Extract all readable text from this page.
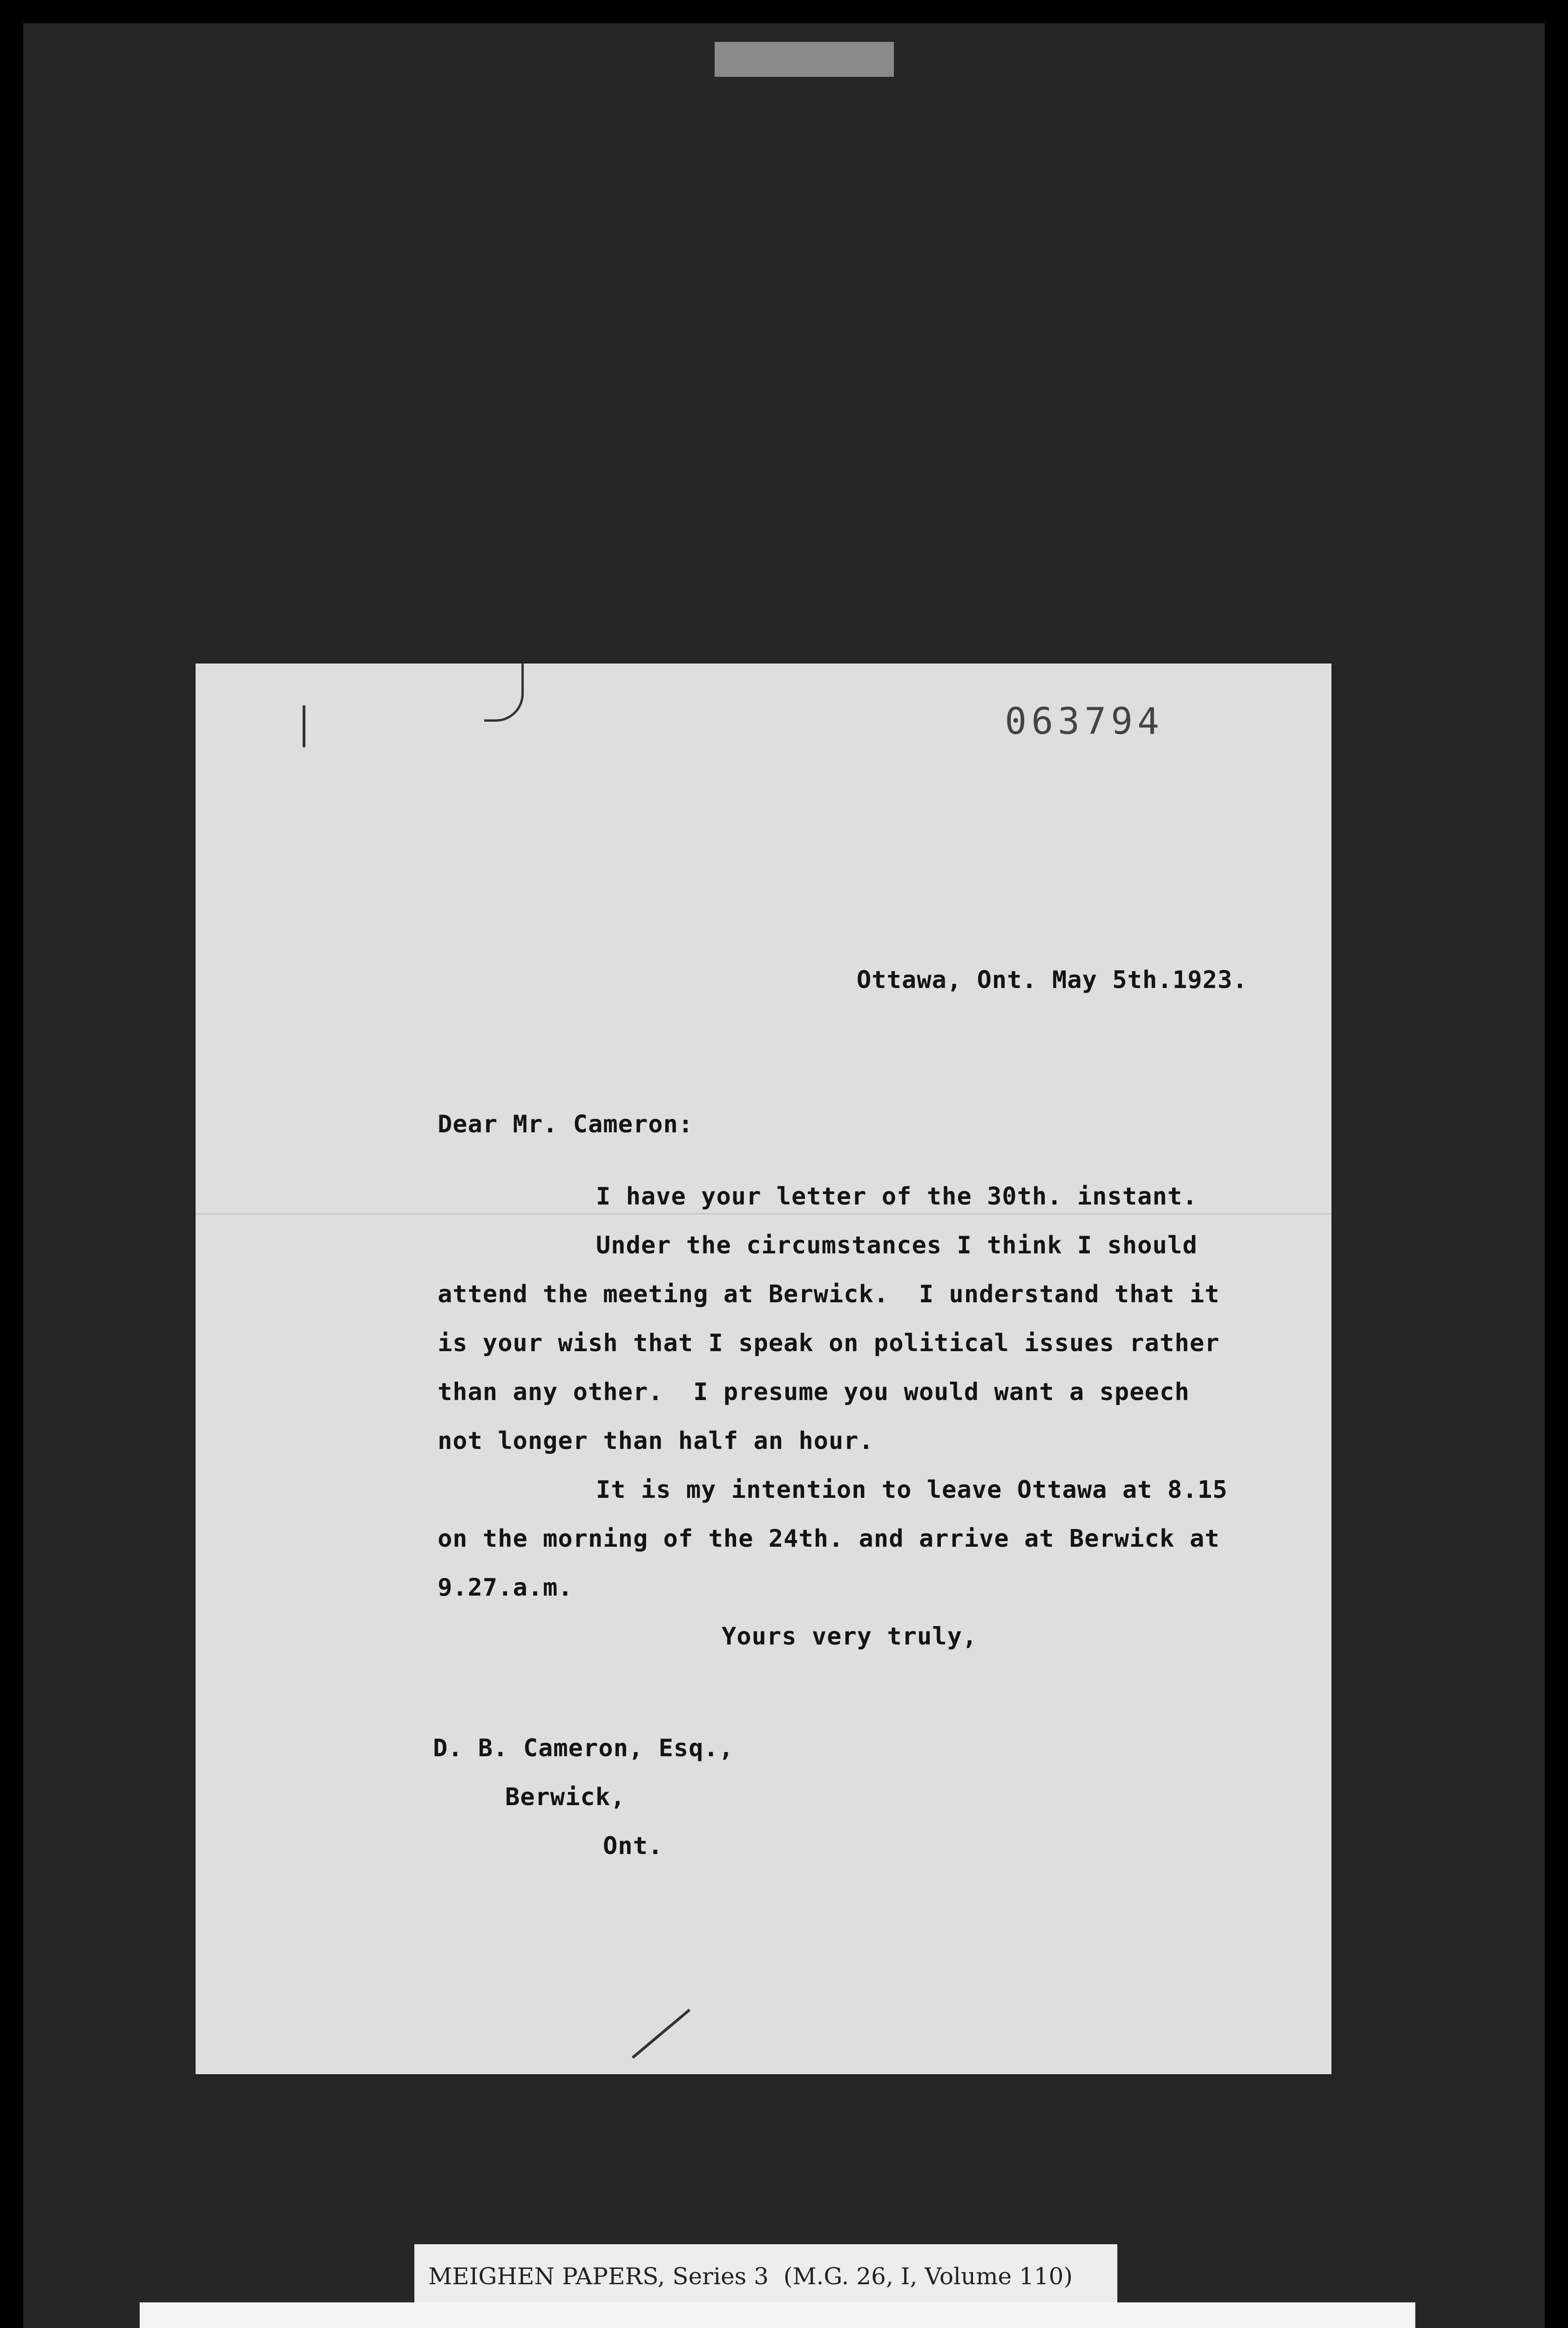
063794
Ottawa, Ont. May 5th.1923.
Dear Mr. Cameron:
I have your letter of the 30th. instant.
Under the circumstances I think I should
attend the meeting at Berwick.  I understand that it
is your wish that I speak on political issues rather
than any other.  I presume you would want a speech
not longer than half an hour.
It is my intention to leave Ottawa at 8.15
on the morning of the 24th. and arrive at Berwick at
9.27.a.m.
Yours very truly,
D. B. Cameron, Esq.,
Berwick,
Ont.
MEIGHEN PAPERS, Series 3  (M.G. 26, I, Volume 110)
